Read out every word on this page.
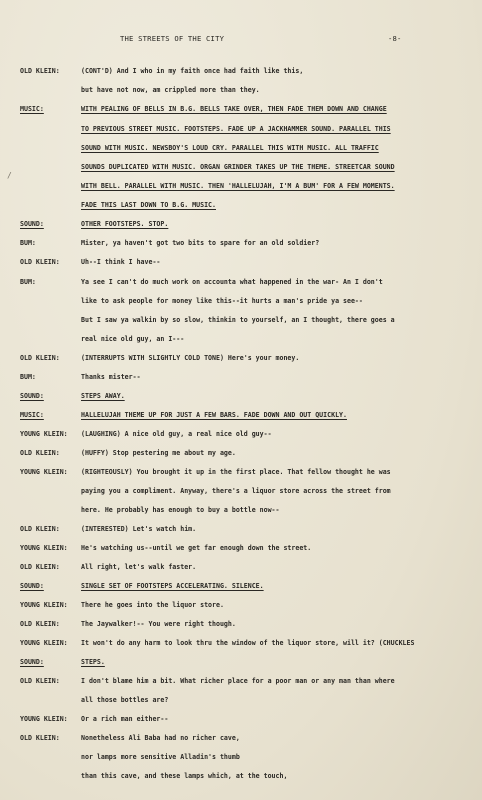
THE STREETS OF THE CITY	-8-
/
OLD KLEIN:	(CONT'D) And I who in my faith once had faith like this,
but have not now, am crippled more than they.
MUSIC:	WITH PEALING OF BELLS IN B.G. BELLS TAKE OVER, THEN FADE THEM DOWN AND CHANGE
TO PREVIOUS STREET MUSIC. FOOTSTEPS. FADE UP A JACKHAMMER SOUND. PARALLEL THIS
SOUND WITH MUSIC. NEWSBOY'S LOUD CRY. PARALLEL THIS WITH MUSIC. ALL TRAFFIC
SOUNDS DUPLICATED WITH MUSIC. ORGAN GRINDER TAKES UP THE THEME. STREETCAR SOUND
WITH BELL. PARALLEL WITH MUSIC. THEN 'HALLELUJAH, I'M A BUM' FOR A FEW MOMENTS.
FADE THIS LAST DOWN TO B.G. MUSIC.
SOUND:	OTHER FOOTSTEPS. STOP.
BUM:	Mister, ya haven't got two bits to spare for an old soldier?
OLD KLEIN:	Uh--I think I have--
BUM:	Ya see I can't do much work on accounta what happened in the war- An I don't
like to ask people for money like this--it hurts a man's pride ya see--
But I saw ya walkin by so slow, thinkin to yourself, an I thought, there goes a
real nice old guy, an I---
OLD KLEIN:	(INTERRUPTS WITH SLIGHTLY COLD TONE) Here's your money.
BUM:	Thanks mister--
SOUND:	STEPS AWAY.
MUSIC:	HALLELUJAH THEME UP FOR JUST A FEW BARS. FADE DOWN AND OUT QUICKLY.
YOUNG KLEIN: (LAUGHING) A nice old guy, a real nice old guy--
OLD KLEIN:	(HUFFY) Stop pestering me about my age.
YOUNG KLEIN: (RIGHTEOUSLY) You brought it up in the first place. That fellow thought he was
paying you a compliment. Anyway, there's a liquor store across the street from
here. He probably has enough to buy a bottle now--
OLD KLEIN:	(INTERESTED) Let's watch him.
YOUNG KLEIN: He's watching us--until we get far enough down the street.
OLD KLEIN:	All right, let's walk faster.
SOUND:	SINGLE SET OF FOOTSTEPS ACCELERATING. SILENCE.
YOUNG KLEIN: There he goes into the liquor store.
OLD KLEIN:	The Jaywalker!-- You were right though.
YOUNG KLEIN: It won't do any harm to look thru the window of the liquor store, will it? (CHUCKLES
SOUND:	STEPS.
OLD KLEIN:	I don't blame him a bit. What richer place for a poor man or any man than where
all those bottles are?
YOUNG KLEIN: Or a rich man either--
OLD KLEIN:	Nonetheless Ali Baba had no richer cave,
nor lamps more sensitive Alladin's thumb
than this cave, and these lamps which, at the touch,
